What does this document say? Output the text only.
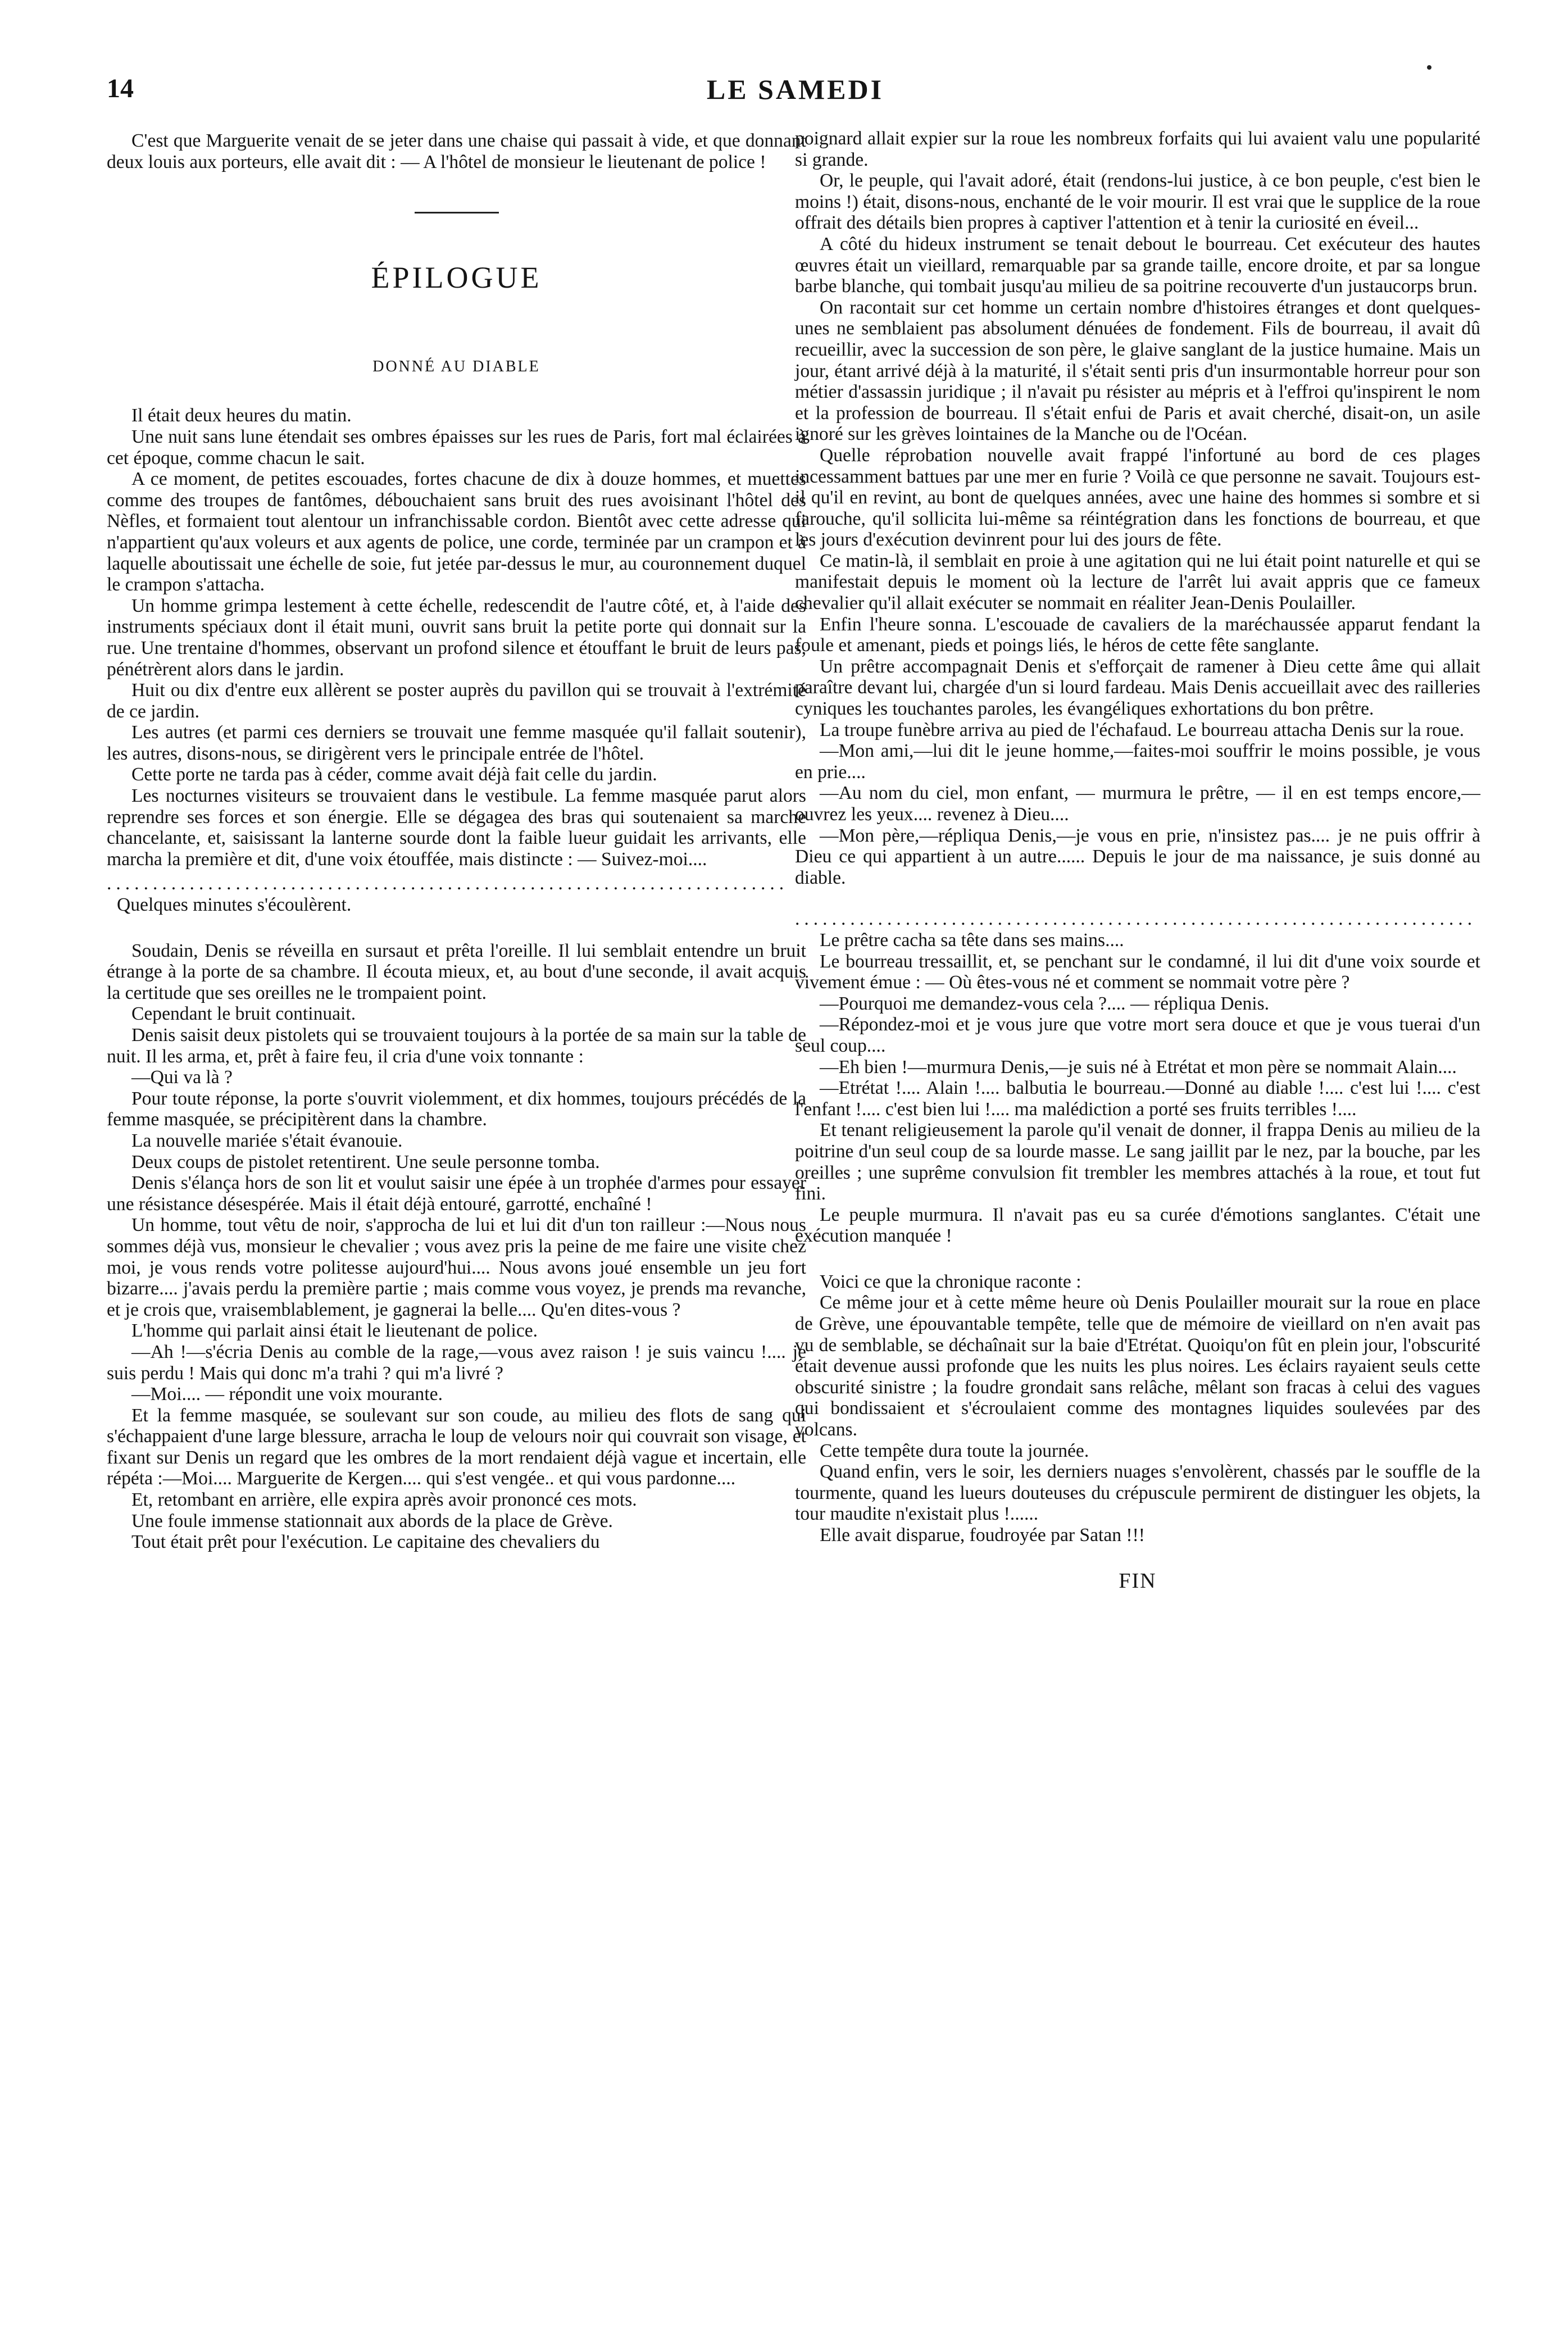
14	LE SAMEDI

C'est que Marguerite venait de se jeter dans une chaise qui passait à vide, et que donnant deux louis aux porteurs, elle avait dit : — A l'hôtel de monsieur le lieutenant de police !

ÉPILOGUE
DONNÉ AU DIABLE

Il était deux heures du matin.

Une nuit sans lune étendait ses ombres épaisses sur les rues de Paris, fort mal éclairées à cet époque, comme chacun le sait.

A ce moment, de petites escouades, fortes chacune de dix à douze hommes, et muettes comme des troupes de fantômes, débouchaient sans bruit des rues avoisinant l'hôtel des Nèfles, et formaient tout alentour un infranchissable cordon. Bientôt avec cette adresse qui n'appartient qu'aux voleurs et aux agents de police, une corde, terminée par un crampon et à laquelle aboutissait une échelle de soie, fut jetée par-dessus le mur, au couronnement duquel le crampon s'attacha.

Un homme grimpa lestement à cette échelle, redescendit de l'autre côté, et, à l'aide des instruments spéciaux dont il était muni, ouvrit sans bruit la petite porte qui donnait sur la rue. Une trentaine d'hommes, observant un profond silence et étouffant le bruit de leurs pas, pénétrèrent alors dans le jardin.

Huit ou dix d'entre eux allèrent se poster auprès du pavillon qui se trouvait à l'extrémité de ce jardin.

Les autres (et parmi ces derniers se trouvait une femme masquée qu'il fallait soutenir), les autres, disons-nous, se dirigèrent vers le principale entrée de l'hôtel.

Cette porte ne tarda pas à céder, comme avait déjà fait celle du jardin.

Les nocturnes visiteurs se trouvaient dans le vestibule. La femme masquée parut alors reprendre ses forces et son énergie. Elle se dégagea des bras qui soutenaient sa marche chancelante, et, saisissant la lanterne sourde dont la faible lueur guidait les arrivants, elle marcha la première et dit, d'une voix étouffée, mais distincte : — Suivez-moi....

..........................................................................

Quelques minutes s'écoulèrent.

Soudain, Denis se réveilla en sursaut et prêta l'oreille. Il lui semblait entendre un bruit étrange à la porte de sa chambre. Il écouta mieux, et, au bout d'une seconde, il avait acquis la certitude que ses oreilles ne le trompaient point.

Cependant le bruit continuait.

Denis saisit deux pistolets qui se trouvaient toujours à la portée de sa main sur la table de nuit. Il les arma, et, prêt à faire feu, il cria d'une voix tonnante :

—Qui va là ?

Pour toute réponse, la porte s'ouvrit violemment, et dix hommes, toujours précédés de la femme masquée, se précipitèrent dans la chambre.

La nouvelle mariée s'était évanouie.

Deux coups de pistolet retentirent. Une seule personne tomba.

Denis s'élança hors de son lit et voulut saisir une épée à un trophée d'armes pour essayer une résistance désespérée. Mais il était déjà entouré, garrotté, enchaîné !

Un homme, tout vêtu de noir, s'approcha de lui et lui dit d'un ton railleur :—Nous nous sommes déjà vus, monsieur le chevalier ; vous avez pris la peine de me faire une visite chez moi, je vous rends votre politesse aujourd'hui.... Nous avons joué ensemble un jeu fort bizarre.... j'avais perdu la première partie ; mais comme vous voyez, je prends ma revanche, et je crois que, vraisemblablement, je gagnerai la belle.... Qu'en dites-vous ?

L'homme qui parlait ainsi était le lieutenant de police.

—Ah !—s'écria Denis au comble de la rage,—vous avez raison ! je suis vaincu !.... je suis perdu ! Mais qui donc m'a trahi ? qui m'a livré ?

—Moi.... — répondit une voix mourante.

Et la femme masquée, se soulevant sur son coude, au milieu des flots de sang qui s'échappaient d'une large blessure, arracha le loup de velours noir qui couvrait son visage, et fixant sur Denis un regard que les ombres de la mort rendaient déjà vague et incertain, elle répéta :—Moi.... Marguerite de Kergen.... qui s'est vengée.. et qui vous pardonne....

Et, retombant en arrière, elle expira après avoir prononcé ces mots.

Une foule immense stationnait aux abords de la place de Grève.

Tout était prêt pour l'exécution. Le capitaine des chevaliers du

poignard allait expier sur la roue les nombreux forfaits qui lui avaient valu une popularité si grande.

Or, le peuple, qui l'avait adoré, était (rendons-lui justice, à ce bon peuple, c'est bien le moins !) était, disons-nous, enchanté de le voir mourir. Il est vrai que le supplice de la roue offrait des détails bien propres à captiver l'attention et à tenir la curiosité en éveil...

A côté du hideux instrument se tenait debout le bourreau. Cet exécuteur des hautes œuvres était un vieillard, remarquable par sa grande taille, encore droite, et par sa longue barbe blanche, qui tombait jusqu'au milieu de sa poitrine recouverte d'un justaucorps brun.

On racontait sur cet homme un certain nombre d'histoires étranges et dont quelques-unes ne semblaient pas absolument dénuées de fondement. Fils de bourreau, il avait dû recueillir, avec la succession de son père, le glaive sanglant de la justice humaine. Mais un jour, étant arrivé déjà à la maturité, il s'était senti pris d'un insurmontable horreur pour son métier d'assassin juridique ; il n'avait pu résister au mépris et à l'effroi qu'inspirent le nom et la profession de bourreau. Il s'était enfui de Paris et avait cherché, disait-on, un asile ignoré sur les grèves lointaines de la Manche ou de l'Océan.

Quelle réprobation nouvelle avait frappé l'infortuné au bord de ces plages incessamment battues par une mer en furie ? Voilà ce que personne ne savait. Toujours est-il qu'il en revint, au bont de quelques années, avec une haine des hommes si sombre et si farouche, qu'il sollicita lui-même sa réintégration dans les fonctions de bourreau, et que les jours d'exécution devinrent pour lui des jours de fête.

Ce matin-là, il semblait en proie à une agitation qui ne lui était point naturelle et qui se manifestait depuis le moment où la lecture de l'arrêt lui avait appris que ce fameux chevalier qu'il allait exécuter se nommait en réaliter Jean-Denis Poulailler.

Enfin l'heure sonna. L'escouade de cavaliers de la maréchaussée apparut fendant la foule et amenant, pieds et poings liés, le héros de cette fête sanglante.

Un prêtre accompagnait Denis et s'efforçait de ramener à Dieu cette âme qui allait paraître devant lui, chargée d'un si lourd fardeau. Mais Denis accueillait avec des railleries cyniques les touchantes paroles, les évangéliques exhortations du bon prêtre.

La troupe funèbre arriva au pied de l'échafaud. Le bourreau attacha Denis sur la roue.

—Mon ami,—lui dit le jeune homme,—faites-moi souffrir le moins possible, je vous en prie....

—Au nom du ciel, mon enfant, — murmura le prêtre, — il en est temps encore,—ouvrez les yeux.... revenez à Dieu....

—Mon père,—répliqua Denis,—je vous en prie, n'insistez pas.... je ne puis offrir à Dieu ce qui appartient à un autre...... Depuis le jour de ma naissance, je suis donné au diable.

..........................................................................

Le prêtre cacha sa tête dans ses mains....

Le bourreau tressaillit, et, se penchant sur le condamné, il lui dit d'une voix sourde et vivement émue : — Où êtes-vous né et comment se nommait votre père ?

—Pourquoi me demandez-vous cela ?.... — répliqua Denis.

—Répondez-moi et je vous jure que votre mort sera douce et que je vous tuerai d'un seul coup....

—Eh bien !—murmura Denis,—je suis né à Etrétat et mon père se nommait Alain....

—Etrétat !.... Alain !.... balbutia le bourreau.—Donné au diable !.... c'est lui !.... c'est l'enfant !.... c'est bien lui !.... ma malédiction a porté ses fruits terribles !....

Et tenant religieusement la parole qu'il venait de donner, il frappa Denis au milieu de la poitrine d'un seul coup de sa lourde masse. Le sang jaillit par le nez, par la bouche, par les oreilles ; une suprême convulsion fit trembler les membres attachés à la roue, et tout fut fini.

Le peuple murmura. Il n'avait pas eu sa curée d'émotions sanglantes. C'était une exécution manquée !

Voici ce que la chronique raconte :

Ce même jour et à cette même heure où Denis Poulailler mourait sur la roue en place de Grève, une épouvantable tempête, telle que de mémoire de vieillard on n'en avait pas vu de semblable, se déchaînait sur la baie d'Etrétat. Quoiqu'on fût en plein jour, l'obscurité était devenue aussi profonde que les nuits les plus noires. Les éclairs rayaient seuls cette obscurité sinistre ; la foudre grondait sans relâche, mêlant son fracas à celui des vagues qui bondissaient et s'écroulaient comme des montagnes liquides soulevées par des volcans.

Cette tempête dura toute la journée.

Quand enfin, vers le soir, les derniers nuages s'envolèrent, chassés par le souffle de la tourmente, quand les lueurs douteuses du crépuscule permirent de distinguer les objets, la tour maudite n'existait plus !......

Elle avait disparue, foudroyée par Satan !!!

FIN
